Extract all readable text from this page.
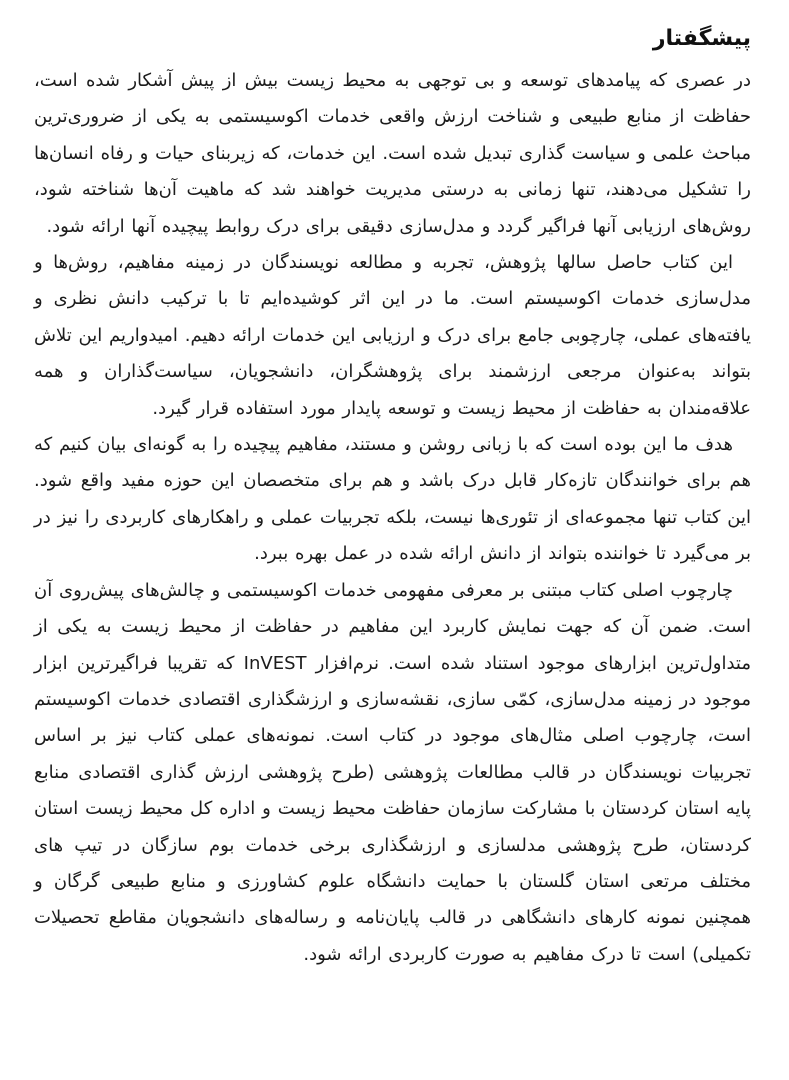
پیشگفتار

در عصری که پیامدهای توسعه و بی توجهی به محیط زیست بیش از پیش آشکار شده است، حفاظت از منابع طبیعی و شناخت ارزش واقعی خدمات اکوسیستمی به یکی از ضروری‌ترین مباحث علمی و سیاست گذاری تبدیل شده است. این خدمات، که زیربنای حیات و رفاه انسان‌ها را تشکیل می‌دهند، تنها زمانی به درستی مدیریت خواهند شد که ماهیت آن‌ها شناخته شود، روش‌های ارزیابی آنها فراگیر گردد و مدل‌سازی دقیقی برای درک روابط پیچیده آنها ارائه شود.

این کتاب حاصل سالها پژوهش، تجربه و مطالعه نویسندگان در زمینه مفاهیم، روش‌ها و مدل‌سازی خدمات اکوسیستم است. ما در این اثر کوشیده‌ایم تا با ترکیب دانش نظری و یافته‌های عملی، چارچوبی جامع برای درک و ارزیابی این خدمات ارائه دهیم. امیدواریم این تلاش بتواند به‌عنوان مرجعی ارزشمند برای پژوهشگران، دانشجویان، سیاست‌گذاران و همه علاقه‌مندان به حفاظت از محیط زیست و توسعه پایدار مورد استفاده قرار گیرد.

هدف ما این بوده است که با زبانی روشن و مستند، مفاهیم پیچیده را به گونه‌ای بیان کنیم که هم برای خوانندگان تازه‌کار قابل درک باشد و هم برای متخصصان این حوزه مفید واقع شود. این کتاب تنها مجموعه‌ای از تئوری‌ها نیست، بلکه تجربیات عملی و راهکارهای کاربردی را نیز در بر می‌گیرد تا خواننده بتواند از دانش ارائه شده در عمل بهره ببرد.

چارچوب اصلی کتاب مبتنی بر معرفی مفهومی خدمات اکوسیستمی و چالش‌های پیش‌روی آن است. ضمن آن که جهت نمایش کاربرد این مفاهیم در حفاظت از محیط زیست به یکی از متداول‌ترین ابزارهای موجود استناد شده است. نرم‌افزار InVEST که تقریبا فراگیرترین ابزار موجود در زمینه مدل‌سازی، کمّی سازی، نقشه‌سازی و ارزشگذاری اقتصادی خدمات اکوسیستم است، چارچوب اصلی مثال‌های موجود در کتاب است. نمونه‌های عملی کتاب نیز بر اساس تجربیات نویسندگان در قالب مطالعات پژوهشی (طرح پژوهشی ارزش گذاری اقتصادی منابع پایه استان کردستان با مشارکت سازمان حفاظت محیط زیست و اداره کل محیط زیست استان کردستان، طرح پژوهشی مدلسازی و ارزشگذاری برخی خدمات بوم سازگان در تیپ های مختلف مرتعی استان گلستان با حمایت دانشگاه علوم کشاورزی و منابع طبیعی گرگان و همچنین نمونه کارهای دانشگاهی در قالب پایان‌نامه و رساله‌های دانشجویان مقاطع تحصیلات تکمیلی) است تا درک مفاهیم به صورت کاربردی ارائه شود.
